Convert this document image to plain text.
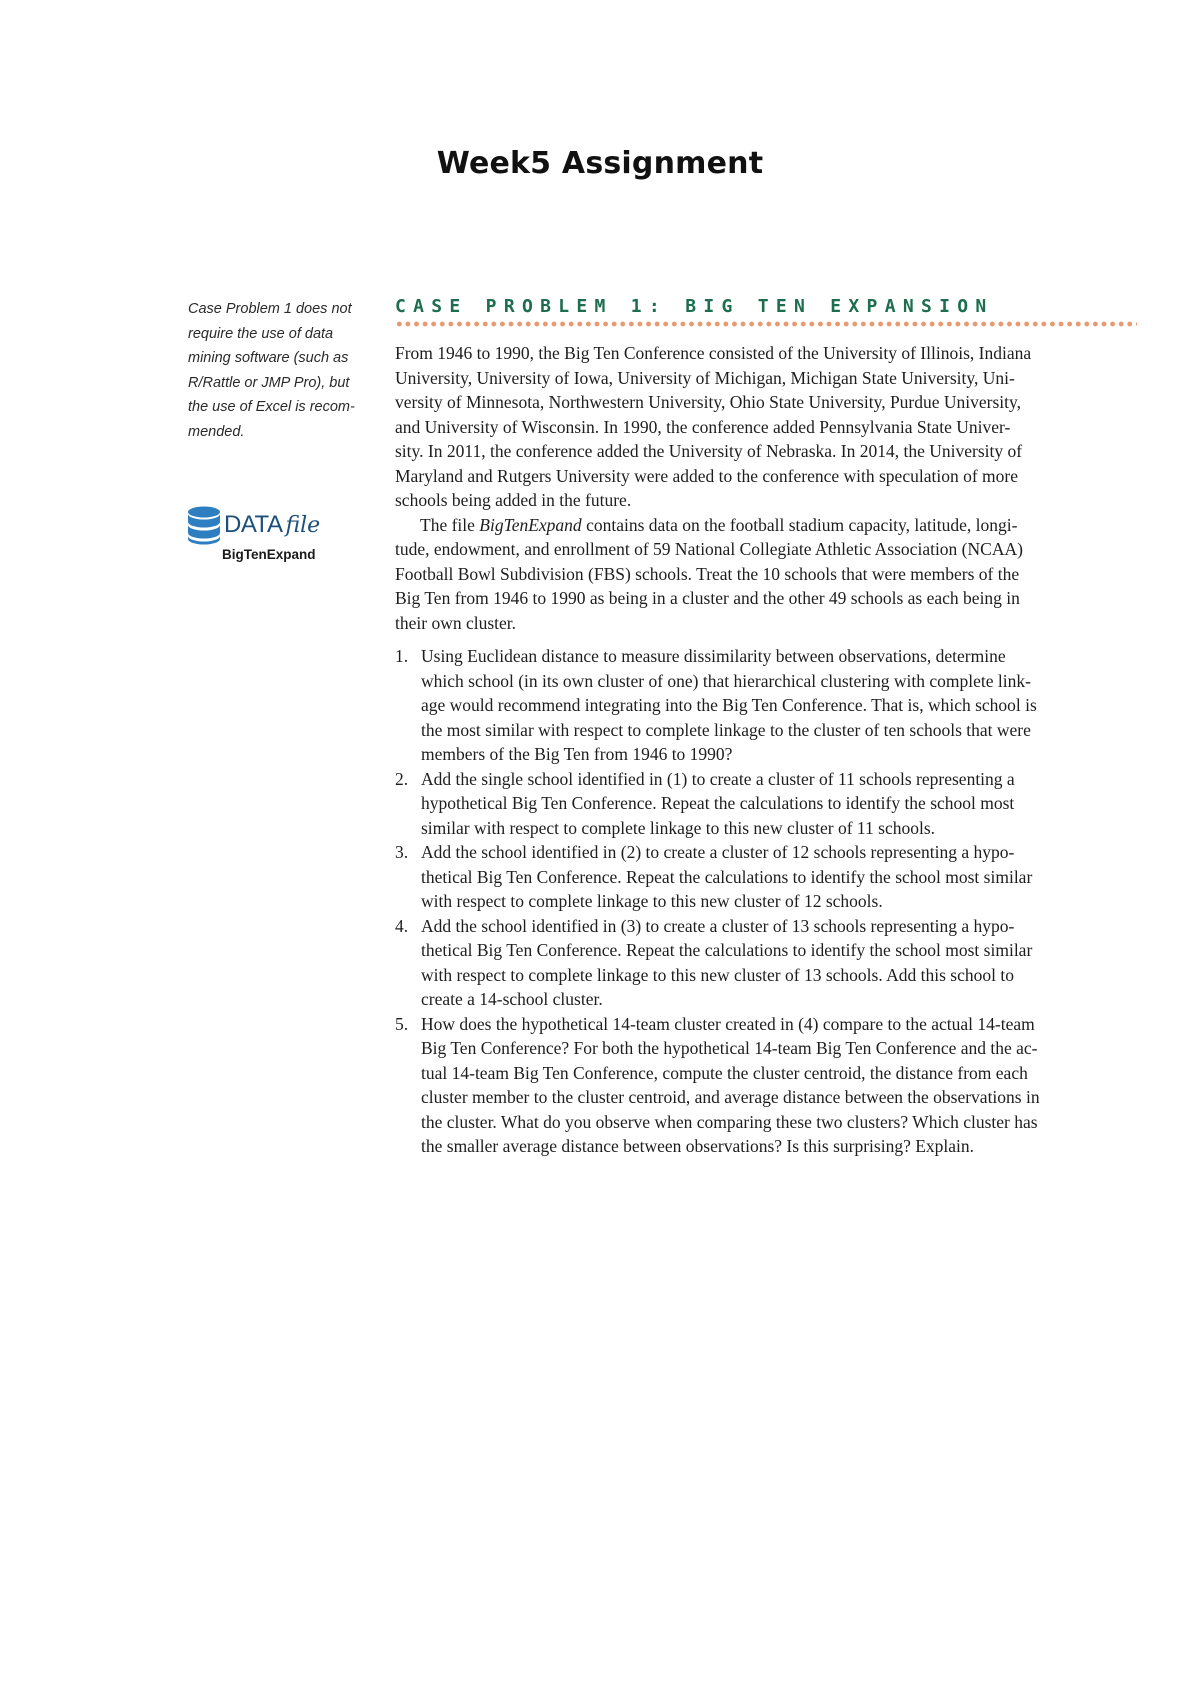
Week5 Assignment
Case Problem 1 does not
require the use of data
mining software (such as
R/Rattle or JMP Pro), but
the use of Excel is recom-
mended.
DATA file
BigTenExpand
CASE PROBLEM 1: BIG TEN EXPANSION
From 1946 to 1990, the Big Ten Conference consisted of the University of Illinois, Indiana
University, University of Iowa, University of Michigan, Michigan State University, Uni-
versity of Minnesota, Northwestern University, Ohio State University, Purdue University,
and University of Wisconsin. In 1990, the conference added Pennsylvania State Univer-
sity. In 2011, the conference added the University of Nebraska. In 2014, the University of
Maryland and Rutgers University were added to the conference with speculation of more
schools being added in the future.
The file BigTenExpand contains data on the football stadium capacity, latitude, longi-
tude, endowment, and enrollment of 59 National Collegiate Athletic Association (NCAA)
Football Bowl Subdivision (FBS) schools. Treat the 10 schools that were members of the
Big Ten from 1946 to 1990 as being in a cluster and the other 49 schools as each being in
their own cluster.
1. Using Euclidean distance to measure dissimilarity between observations, determine
which school (in its own cluster of one) that hierarchical clustering with complete link-
age would recommend integrating into the Big Ten Conference. That is, which school is
the most similar with respect to complete linkage to the cluster of ten schools that were
members of the Big Ten from 1946 to 1990?
2. Add the single school identified in (1) to create a cluster of 11 schools representing a
hypothetical Big Ten Conference. Repeat the calculations to identify the school most
similar with respect to complete linkage to this new cluster of 11 schools.
3. Add the school identified in (2) to create a cluster of 12 schools representing a hypo-
thetical Big Ten Conference. Repeat the calculations to identify the school most similar
with respect to complete linkage to this new cluster of 12 schools.
4. Add the school identified in (3) to create a cluster of 13 schools representing a hypo-
thetical Big Ten Conference. Repeat the calculations to identify the school most similar
with respect to complete linkage to this new cluster of 13 schools. Add this school to
create a 14-school cluster.
5. How does the hypothetical 14-team cluster created in (4) compare to the actual 14-team
Big Ten Conference? For both the hypothetical 14-team Big Ten Conference and the ac-
tual 14-team Big Ten Conference, compute the cluster centroid, the distance from each
cluster member to the cluster centroid, and average distance between the observations in
the cluster. What do you observe when comparing these two clusters? Which cluster has
the smaller average distance between observations? Is this surprising? Explain.
